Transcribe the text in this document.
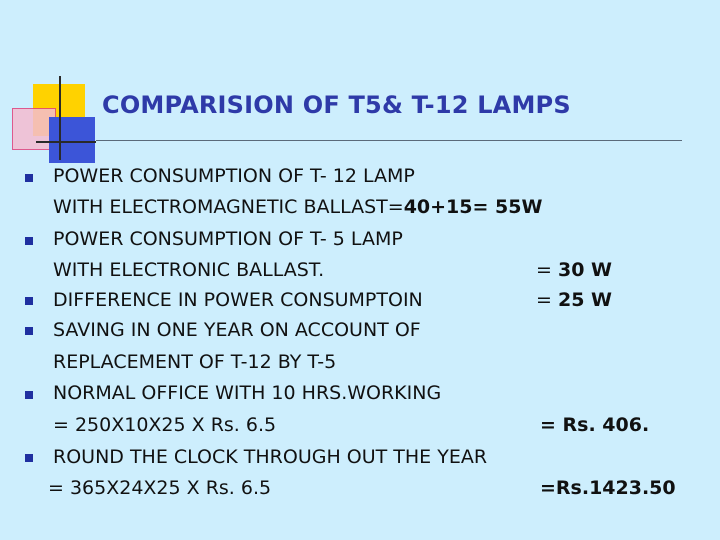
COMPARISION OF T5& T-12 LAMPS
POWER CONSUMPTION OF T- 12 LAMP
WITH ELECTROMAGNETIC BALLAST=40+15= 55W
POWER CONSUMPTION OF T- 5 LAMP
WITH ELECTRONIC BALLAST.	= 30 W
DIFFERENCE IN POWER CONSUMPTOIN	= 25 W
SAVING IN ONE YEAR ON ACCOUNT OF
REPLACEMENT OF T-12 BY T-5
NORMAL OFFICE WITH 10 HRS.WORKING
= 250X10X25 X Rs. 6.5	= Rs. 406.
ROUND THE CLOCK THROUGH OUT THE YEAR
= 365X24X25 X Rs. 6.5	=Rs.1423.50
